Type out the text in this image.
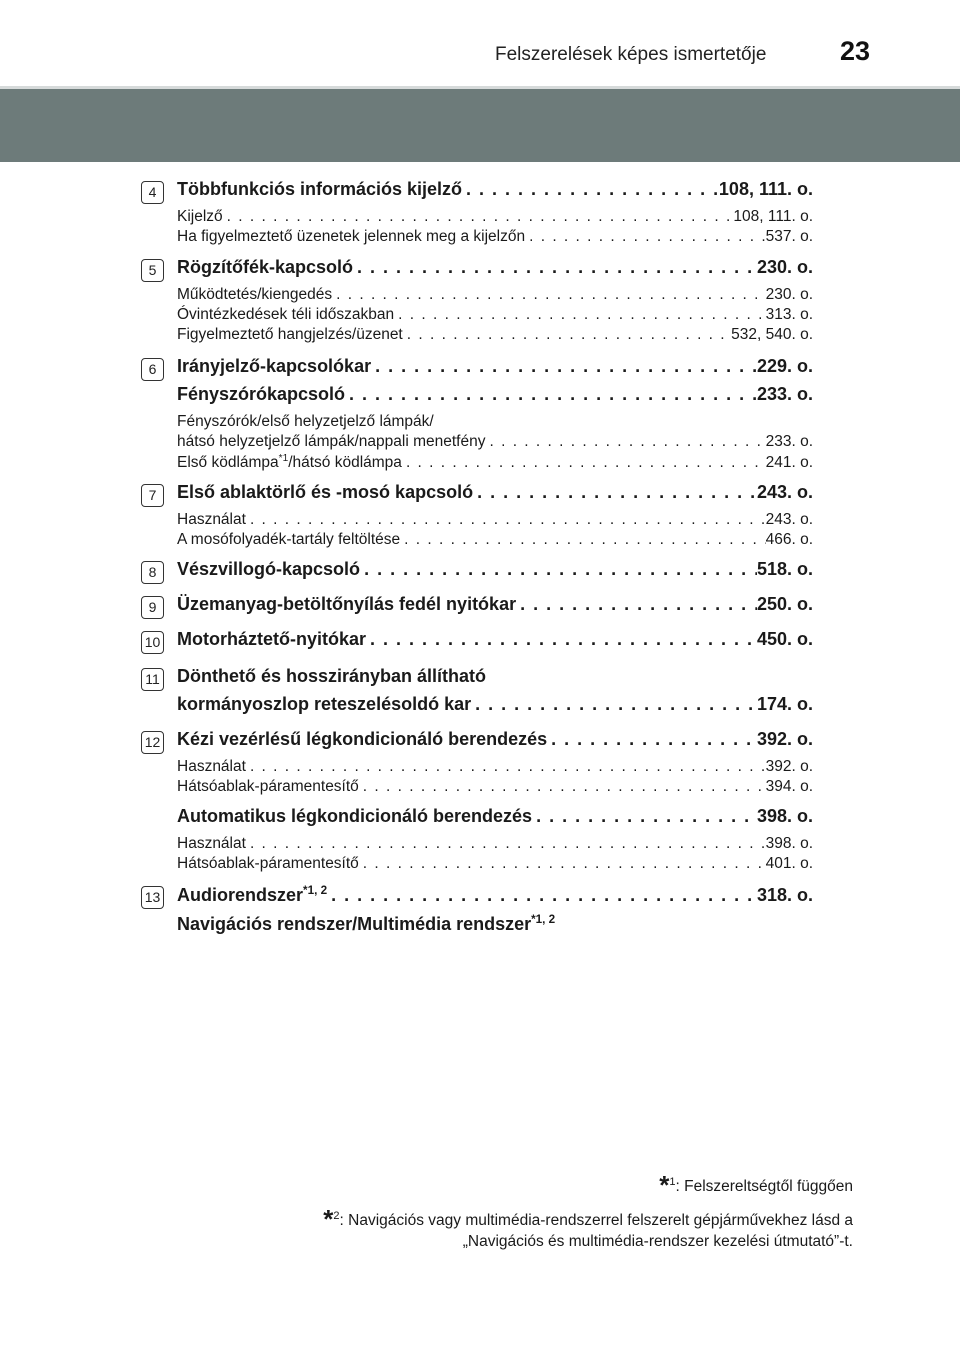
Felszerelések képes ismertetője	23
4	Többfunkciós információs kijelző . . .	108, 111. o.
Kijelző . . .	108, 111. o.
Ha figyelmeztető üzenetek jelennek meg a kijelzőn . . .	537. o.
5	Rögzítőfék-kapcsoló . . .	230. o.
Működtetés/kiengedés . . .	230. o.
Óvintézkedések téli időszakban . . .	313. o.
Figyelmeztető hangjelzés/üzenet . . .	532, 540. o.
6	Irányjelző-kapcsolókar . . .	229. o.
Fényszórókapcsoló . . .	233. o.
Fényszórók/első helyzetjelző lámpák/
hátsó helyzetjelző lámpák/nappali menetfény . . .	233. o.
Első ködlámpa$^{*1}$/hátsó ködlámpa . . .	241. o.
7	Első ablaktörlő és -mosó kapcsoló . . .	243. o.
Használat . . .	243. o.
A mosófolyadék-tartály feltöltése . . .	466. o.
8	Vészvillogó-kapcsoló . . .	518. o.
9	Üzemanyag-betöltőnyílás fedél nyitókar . . .	250. o.
10 Motorháztető-nyitókar . . .	450. o.
11 Dönthető és hosszirányban állítható
kormányoszlop reteszelésoldó kar . . .	174. o.
12 Kézi vezérlésű légkondicionáló berendezés . . .	392. o.
Használat . . .	392. o.
Hátsóablak-páramentesítő . . .	394. o.
Automatikus légkondicionáló berendezés . . .	398. o.
Használat . . .	398. o.
Hátsóablak-páramentesítő . . .	401. o.
13 Audiorendszer$^{*1, 2}$ . . .	318. o.
Navigációs rendszer/Multimédia rendszer$^{*1, 2}$
*$^1$: Felszereltségtől függően
*$^2$: Navigációs vagy multimédia-rendszerrel felszerelt gépjárművekhez lásd a
„Navigációs és multimédia-rendszer kezelési útmutató”-t.
